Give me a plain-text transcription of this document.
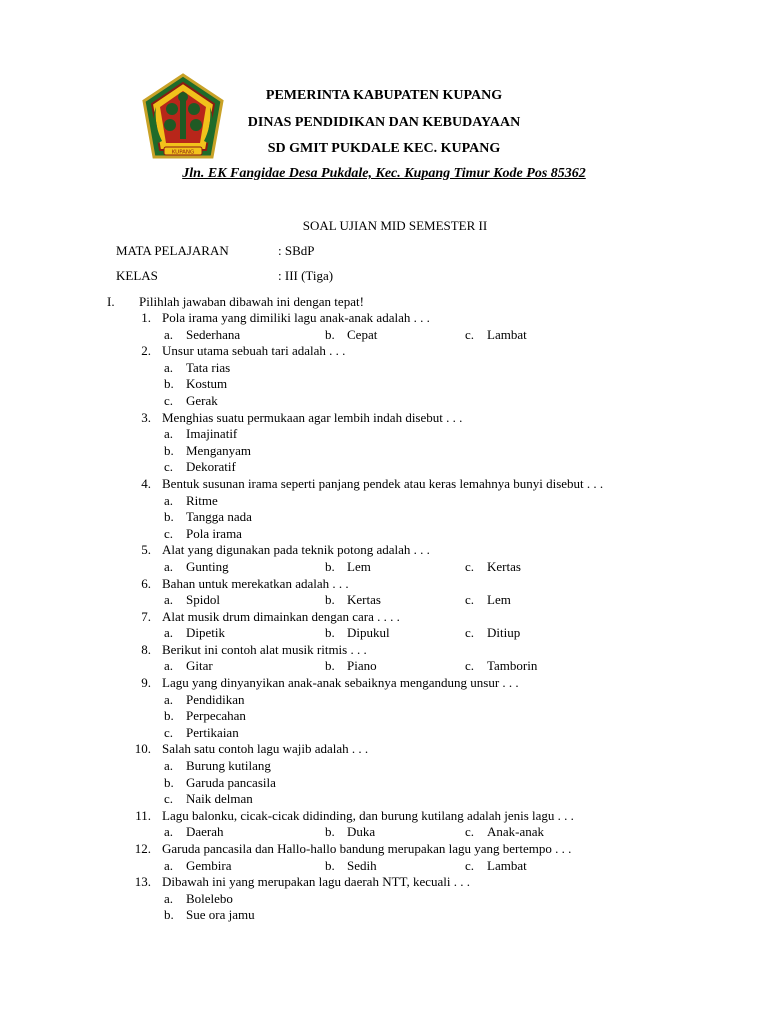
KUPANG
PEMERINTA KABUPATEN KUPANG
DINAS PENDIDIKAN DAN KEBUDAYAAN
SD GMIT PUKDALE KEC. KUPANG
Jln. EK Fangidae Desa Pukdale, Kec. Kupang Timur Kode Pos 85362
SOAL UJIAN MID SEMESTER II
MATA PELAJARAN	: SBdP
KELAS	: III (Tiga)
I. Pilihlah jawaban dibawah ini dengan tepat!
1. Pola irama yang dimiliki lagu anak-anak adalah . . .
a. Sederhana	b. Cepat	c. Lambat
2. Unsur utama sebuah tari adalah . . .
a. Tata rias
b. Kostum
c. Gerak
3. Menghias suatu permukaan agar lembih indah disebut . . .
a. Imajinatif
b. Menganyam
c. Dekoratif
4. Bentuk susunan irama seperti panjang pendek atau keras lemahnya bunyi disebut . . .
a. Ritme
b. Tangga nada
c. Pola irama
5. Alat yang digunakan pada teknik potong adalah . . .
a. Gunting	b. Lem	c. Kertas
6. Bahan untuk merekatkan adalah . . .
a. Spidol	b. Kertas	c. Lem
7. Alat musik drum dimainkan dengan cara . . . .
a. Dipetik	b. Dipukul	c. Ditiup
8. Berikut ini contoh alat musik ritmis . . .
a. Gitar	b. Piano	c. Tamborin
9. Lagu yang dinyanyikan anak-anak sebaiknya mengandung unsur . . .
a. Pendidikan
b. Perpecahan
c. Pertikaian
10. Salah satu contoh lagu wajib adalah . . .
a. Burung kutilang
b. Garuda pancasila
c. Naik delman
11. Lagu balonku, cicak-cicak didinding, dan burung kutilang adalah jenis lagu . . .
a. Daerah	b. Duka	c. Anak-anak
12. Garuda pancasila dan Hallo-hallo bandung merupakan lagu yang bertempo . . .
a. Gembira	b. Sedih	c. Lambat
13. Dibawah ini yang merupakan lagu daerah NTT, kecuali . . .
a. Bolelebo
b. Sue ora jamu
